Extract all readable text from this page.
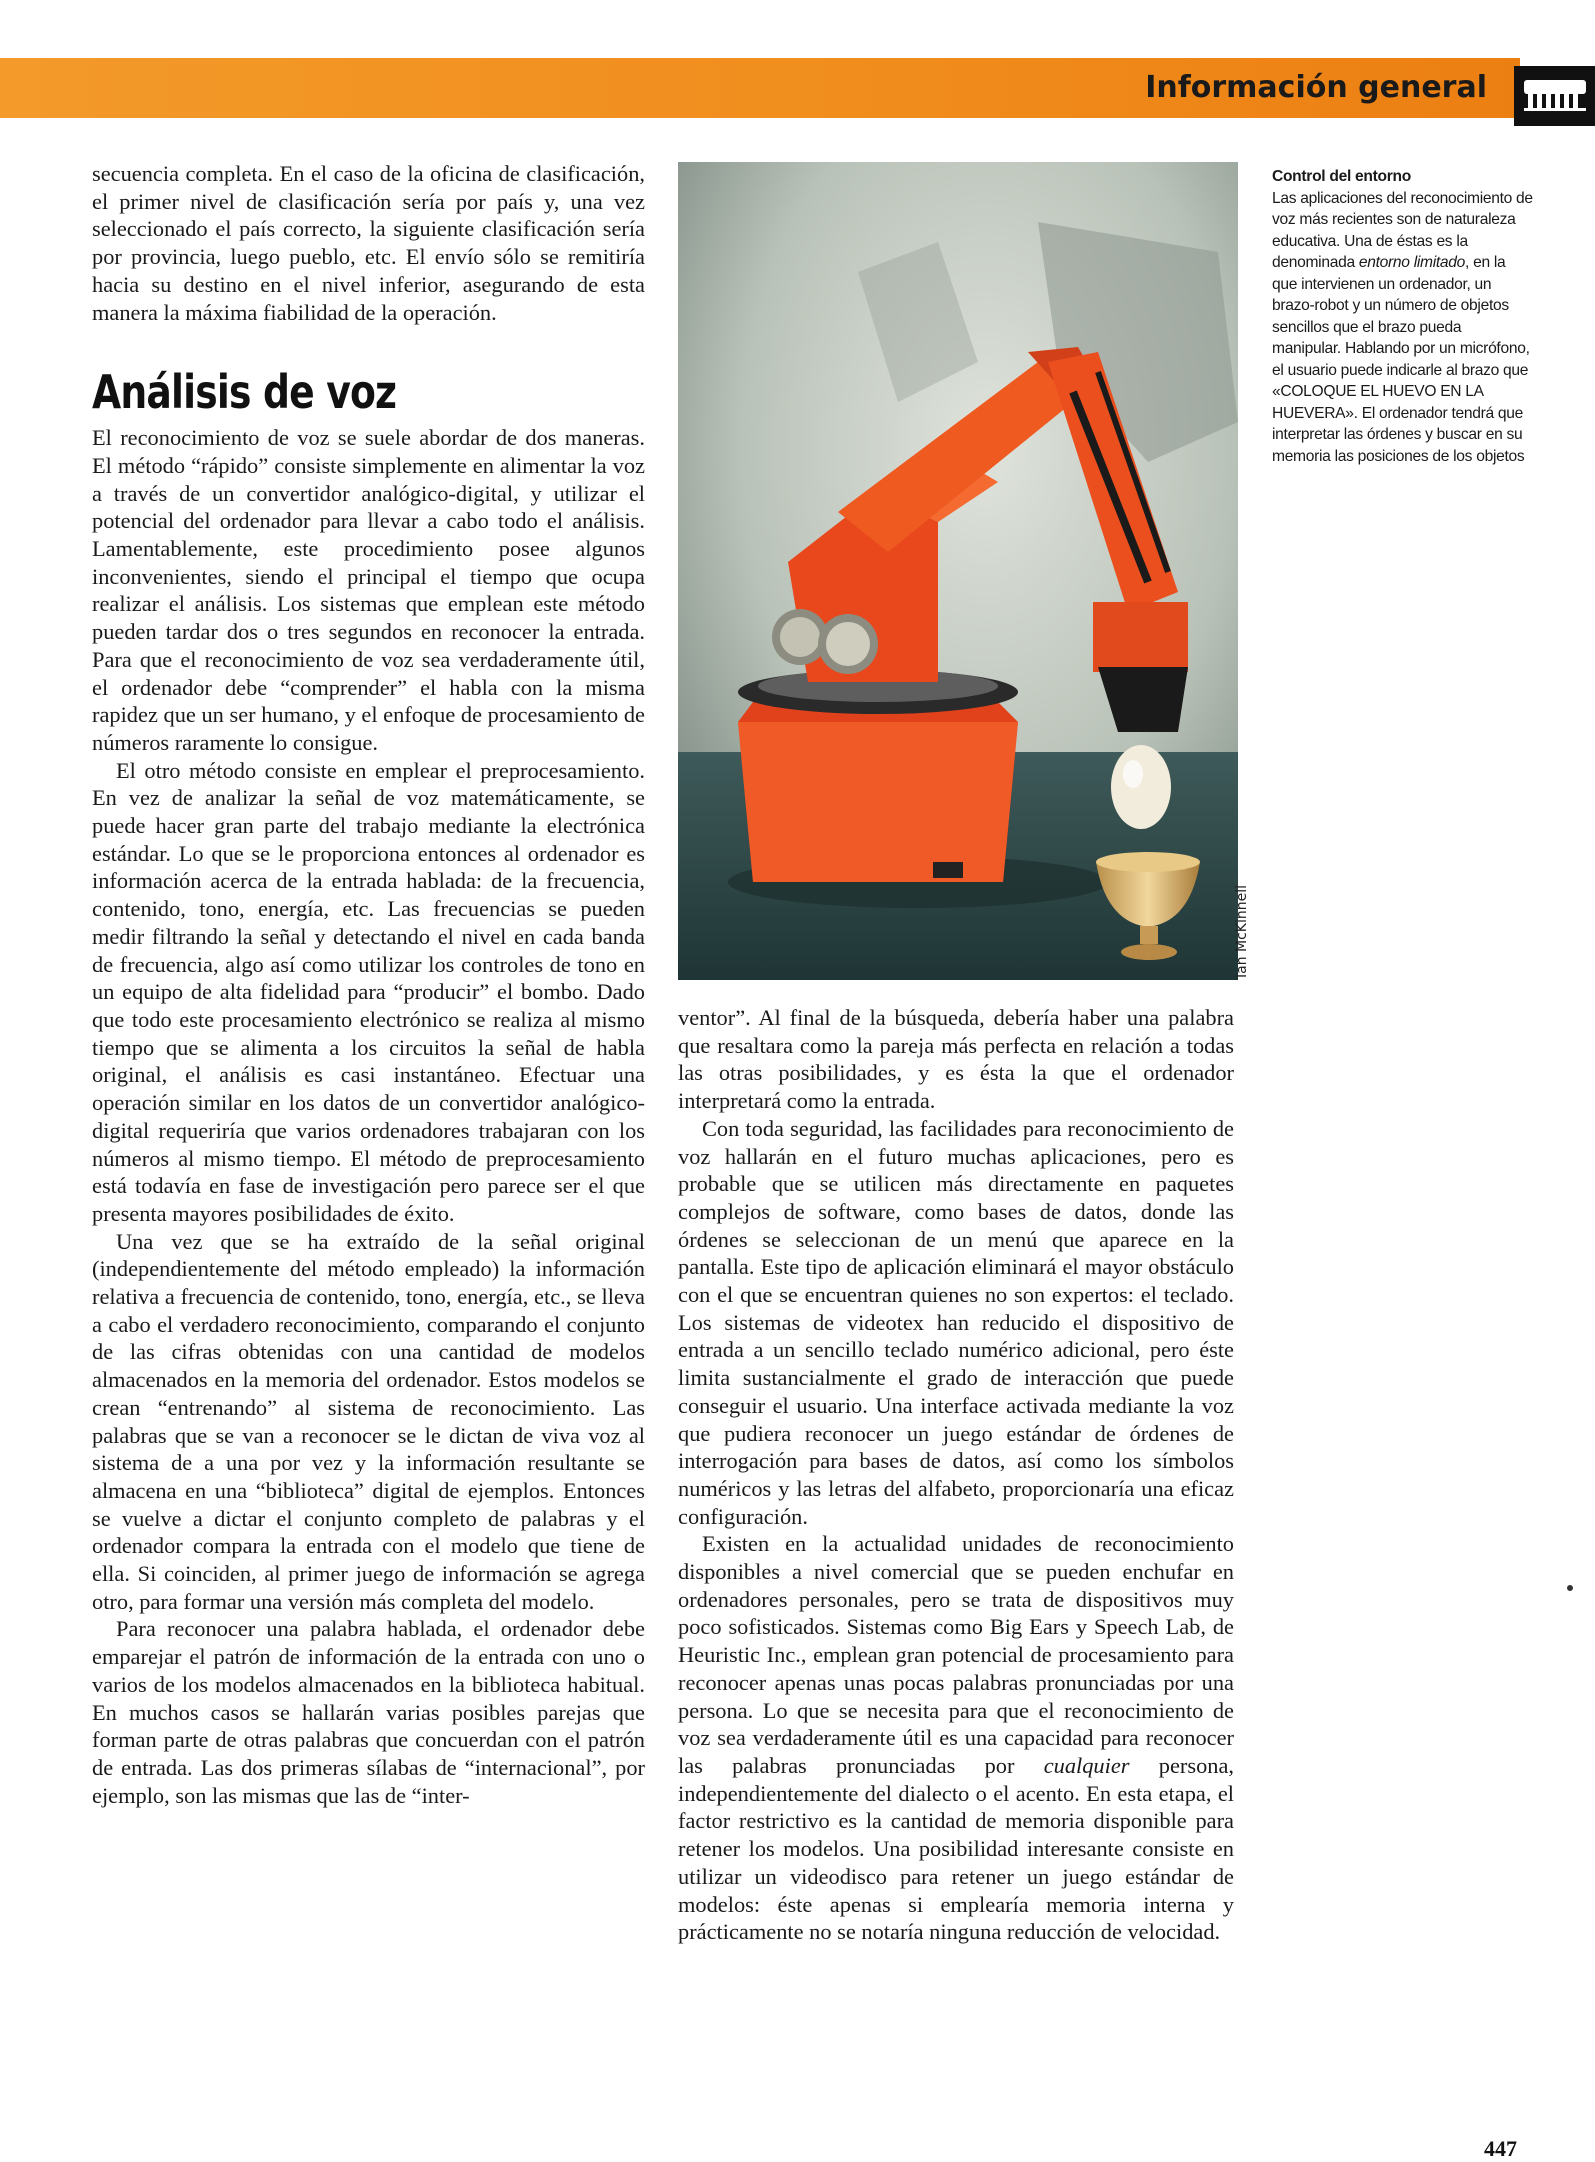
Información general

secuencia completa. En el caso de la oficina de clasificación, el primer nivel de clasificación sería por país y, una vez seleccionado el país correcto, la siguiente clasificación sería por provincia, luego pueblo, etc. El envío sólo se remitiría hacia su destino en el nivel inferior, asegurando de esta manera la máxima fiabilidad de la operación.

Análisis de voz

El reconocimiento de voz se suele abordar de dos maneras. El método “rápido” consiste simplemente en alimentar la voz a través de un convertidor analógico-digital, y utilizar el potencial del ordenador para llevar a cabo todo el análisis. Lamentablemente, este procedimiento posee algunos inconvenientes, siendo el principal el tiempo que ocupa realizar el análisis. Los sistemas que emplean este método pueden tardar dos o tres segundos en reconocer la entrada. Para que el reconocimiento de voz sea verdaderamente útil, el ordenador debe “comprender” el habla con la misma rapidez que un ser humano, y el enfoque de procesamiento de números raramente lo consigue.

El otro método consiste en emplear el preprocesamiento. En vez de analizar la señal de voz matemáticamente, se puede hacer gran parte del trabajo mediante la electrónica estándar. Lo que se le proporciona entonces al ordenador es información acerca de la entrada hablada: de la frecuencia, contenido, tono, energía, etc. Las frecuencias se pueden medir filtrando la señal y detectando el nivel en cada banda de frecuencia, algo así como utilizar los controles de tono en un equipo de alta fidelidad para “producir” el bombo. Dado que todo este procesamiento electrónico se realiza al mismo tiempo que se alimenta a los circuitos la señal de habla original, el análisis es casi instantáneo. Efectuar una operación similar en los datos de un convertidor analógico-digital requeriría que varios ordenadores trabajaran con los números al mismo tiempo. El método de preprocesamiento está todavía en fase de investigación pero parece ser el que presenta mayores posibilidades de éxito.

Una vez que se ha extraído de la señal original (independientemente del método empleado) la información relativa a frecuencia de contenido, tono, energía, etc., se lleva a cabo el verdadero reconocimiento, comparando el conjunto de las cifras obtenidas con una cantidad de modelos almacenados en la memoria del ordenador. Estos modelos se crean “entrenando” al sistema de reconocimiento. Las palabras que se van a reconocer se le dictan de viva voz al sistema de a una por vez y la información resultante se almacena en una “biblioteca” digital de ejemplos. Entonces se vuelve a dictar el conjunto completo de palabras y el ordenador compara la entrada con el modelo que tiene de ella. Si coinciden, al primer juego de información se agrega otro, para formar una versión más completa del modelo.

Para reconocer una palabra hablada, el ordenador debe emparejar el patrón de información de la entrada con uno o varios de los modelos almacenados en la biblioteca habitual. En muchos casos se hallarán varias posibles parejas que forman parte de otras palabras que concuerdan con el patrón de entrada. Las dos primeras sílabas de “internacional”, por ejemplo, son las mismas que las de “inter-

Ian McKinnell
Control del entorno
Las aplicaciones del reconocimiento de voz más recientes son de naturaleza educativa. Una de éstas es la denominada entorno limitado, en la que intervienen un ordenador, un brazo-robot y un número de objetos sencillos que el brazo pueda manipular. Hablando por un micrófono, el usuario puede indicarle al brazo que «COLOQUE EL HUEVO EN LA HUEVERA». El ordenador tendrá que interpretar las órdenes y buscar en su memoria las posiciones de los objetos

ventor”. Al final de la búsqueda, debería haber una palabra que resaltara como la pareja más perfecta en relación a todas las otras posibilidades, y es ésta la que el ordenador interpretará como la entrada.

Con toda seguridad, las facilidades para reconocimiento de voz hallarán en el futuro muchas aplicaciones, pero es probable que se utilicen más directamente en paquetes complejos de software, como bases de datos, donde las órdenes se seleccionan de un menú que aparece en la pantalla. Este tipo de aplicación eliminará el mayor obstáculo con el que se encuentran quienes no son expertos: el teclado. Los sistemas de videotex han reducido el dispositivo de entrada a un sencillo teclado numérico adicional, pero éste limita sustancialmente el grado de interacción que puede conseguir el usuario. Una interface activada mediante la voz que pudiera reconocer un juego estándar de órdenes de interrogación para bases de datos, así como los símbolos numéricos y las letras del alfabeto, proporcionaría una eficaz configuración.

Existen en la actualidad unidades de reconocimiento disponibles a nivel comercial que se pueden enchufar en ordenadores personales, pero se trata de dispositivos muy poco sofisticados. Sistemas como Big Ears y Speech Lab, de Heuristic Inc., emplean gran potencial de procesamiento para reconocer apenas unas pocas palabras pronunciadas por una persona. Lo que se necesita para que el reconocimiento de voz sea verdaderamente útil es una capacidad para reconocer las palabras pronunciadas por cualquier persona, independientemente del dialecto o el acento. En esta etapa, el factor restrictivo es la cantidad de memoria disponible para retener los modelos. Una posibilidad interesante consiste en utilizar un videodisco para retener un juego estándar de modelos: éste apenas si emplearía memoria interna y prácticamente no se notaría ninguna reducción de velocidad.

447
